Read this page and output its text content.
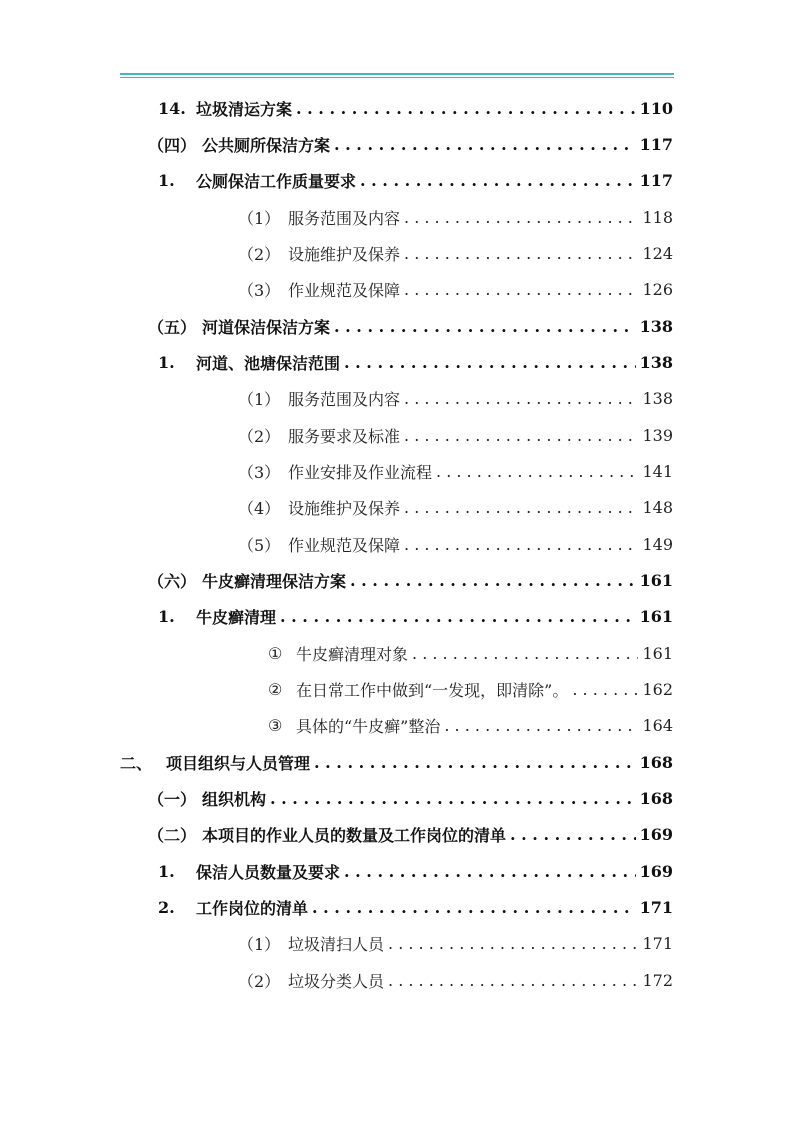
14. 垃圾清运方案 . . .	110
（四） 公共厕所保洁方案 . . .	117
1.	公厕保洁工作质量要求 . . .	117
（1） 服务范围及内容 . . .	118
（2） 设施维护及保养 . . .	124
（3） 作业规范及保障 . . .	126
（五） 河道保洁保洁方案 . . .	138
1.	河道、池塘保洁范围 . . .	138
（1） 服务范围及内容 . . .	138
（2） 服务要求及标准 . . .	139
（3） 作业安排及作业流程 . . .	141
（4） 设施维护及保养 . . .	148
（5） 作业规范及保障 . . .	149
（六） 牛皮癣清理保洁方案 . . .	161
1.	牛皮癣清理 . . .	161
① 牛皮癣清理对象 . . .	161
② 在日常工作中做到“一发现，即清除”。 . . .	162
③ 具体的“牛皮癣”整治 . . .	164
二、 项目组织与人员管理 . . .	168
（一） 组织机构 . . .	168
（二） 本项目的作业人员的数量及工作岗位的清单 . . .	169
1.	保洁人员数量及要求 . . .	169
2.	工作岗位的清单 . . .	171
（1） 垃圾清扫人员 . . .	171
（2） 垃圾分类人员 . . .	172
